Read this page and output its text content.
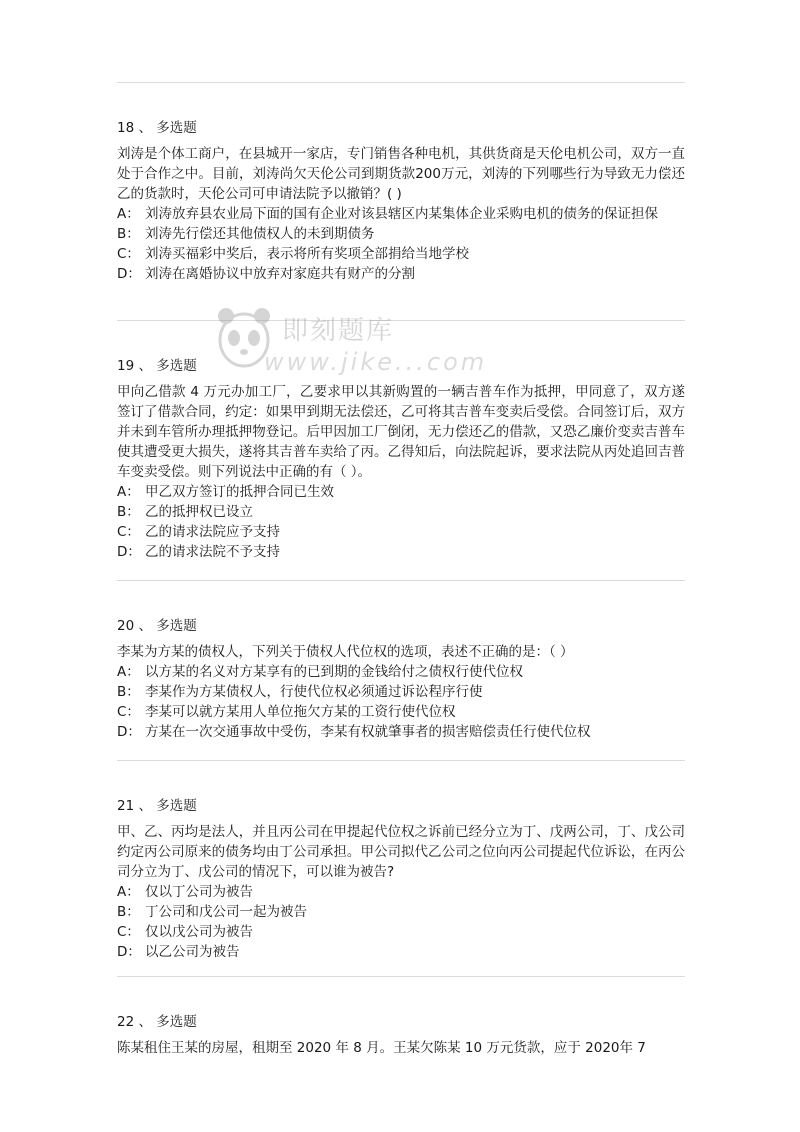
18 、 多选题

刘涛是个体工商户，在县城开一家店，专门销售各种电机，其供货商是天伦电机公司，双方一直处于合作之中。目前，刘涛尚欠天伦公司到期货款200万元，刘涛的下列哪些行为导致无力偿还乙的货款时，天伦公司可申请法院予以撤销？( )

A： 刘涛放弃县农业局下面的国有企业对该县辖区内某集体企业采购电机的债务的保证担保
B： 刘涛先行偿还其他债权人的未到期债务
C： 刘涛买福彩中奖后，表示将所有奖项全部捐给当地学校
D： 刘涛在离婚协议中放弃对家庭共有财产的分割
19 、 多选题

甲向乙借款 4 万元办加工厂，乙要求甲以其新购置的一辆吉普车作为抵押，甲同意了，双方遂签订了借款合同，约定：如果甲到期无法偿还，乙可将其吉普车变卖后受偿。合同签订后，双方并未到车管所办理抵押物登记。后甲因加工厂倒闭，无力偿还乙的借款，又恐乙廉价变卖吉普车使其遭受更大损失，遂将其吉普车卖给了丙。乙得知后，向法院起诉，要求法院从丙处追回吉普车变卖受偿。则下列说法中正确的有（ ）。

A： 甲乙双方签订的抵押合同已生效
B： 乙的抵押权已设立
C： 乙的请求法院应予支持
D： 乙的请求法院不予支持
20 、 多选题

李某为方某的债权人，下列关于债权人代位权的选项，表述不正确的是：（ ）

A： 以方某的名义对方某享有的已到期的金钱给付之债权行使代位权
B： 李某作为方某债权人，行使代位权必须通过诉讼程序行使
C： 李某可以就方某用人单位拖欠方某的工资行使代位权
D： 方某在一次交通事故中受伤，李某有权就肇事者的损害赔偿责任行使代位权
21 、 多选题

甲、乙、丙均是法人，并且丙公司在甲提起代位权之诉前已经分立为丁、戊两公司，丁、戊公司约定丙公司原来的债务均由丁公司承担。甲公司拟代乙公司之位向丙公司提起代位诉讼，在丙公司分立为丁、戊公司的情况下，可以谁为被告?

A： 仅以丁公司为被告
B： 丁公司和戊公司一起为被告
C： 仅以戊公司为被告
D： 以乙公司为被告
22 、 多选题

陈某租住王某的房屋，租期至 2020 年 8 月。王某欠陈某 10 万元货款，应于 2020年 7

即刻题库
www.jike...com
